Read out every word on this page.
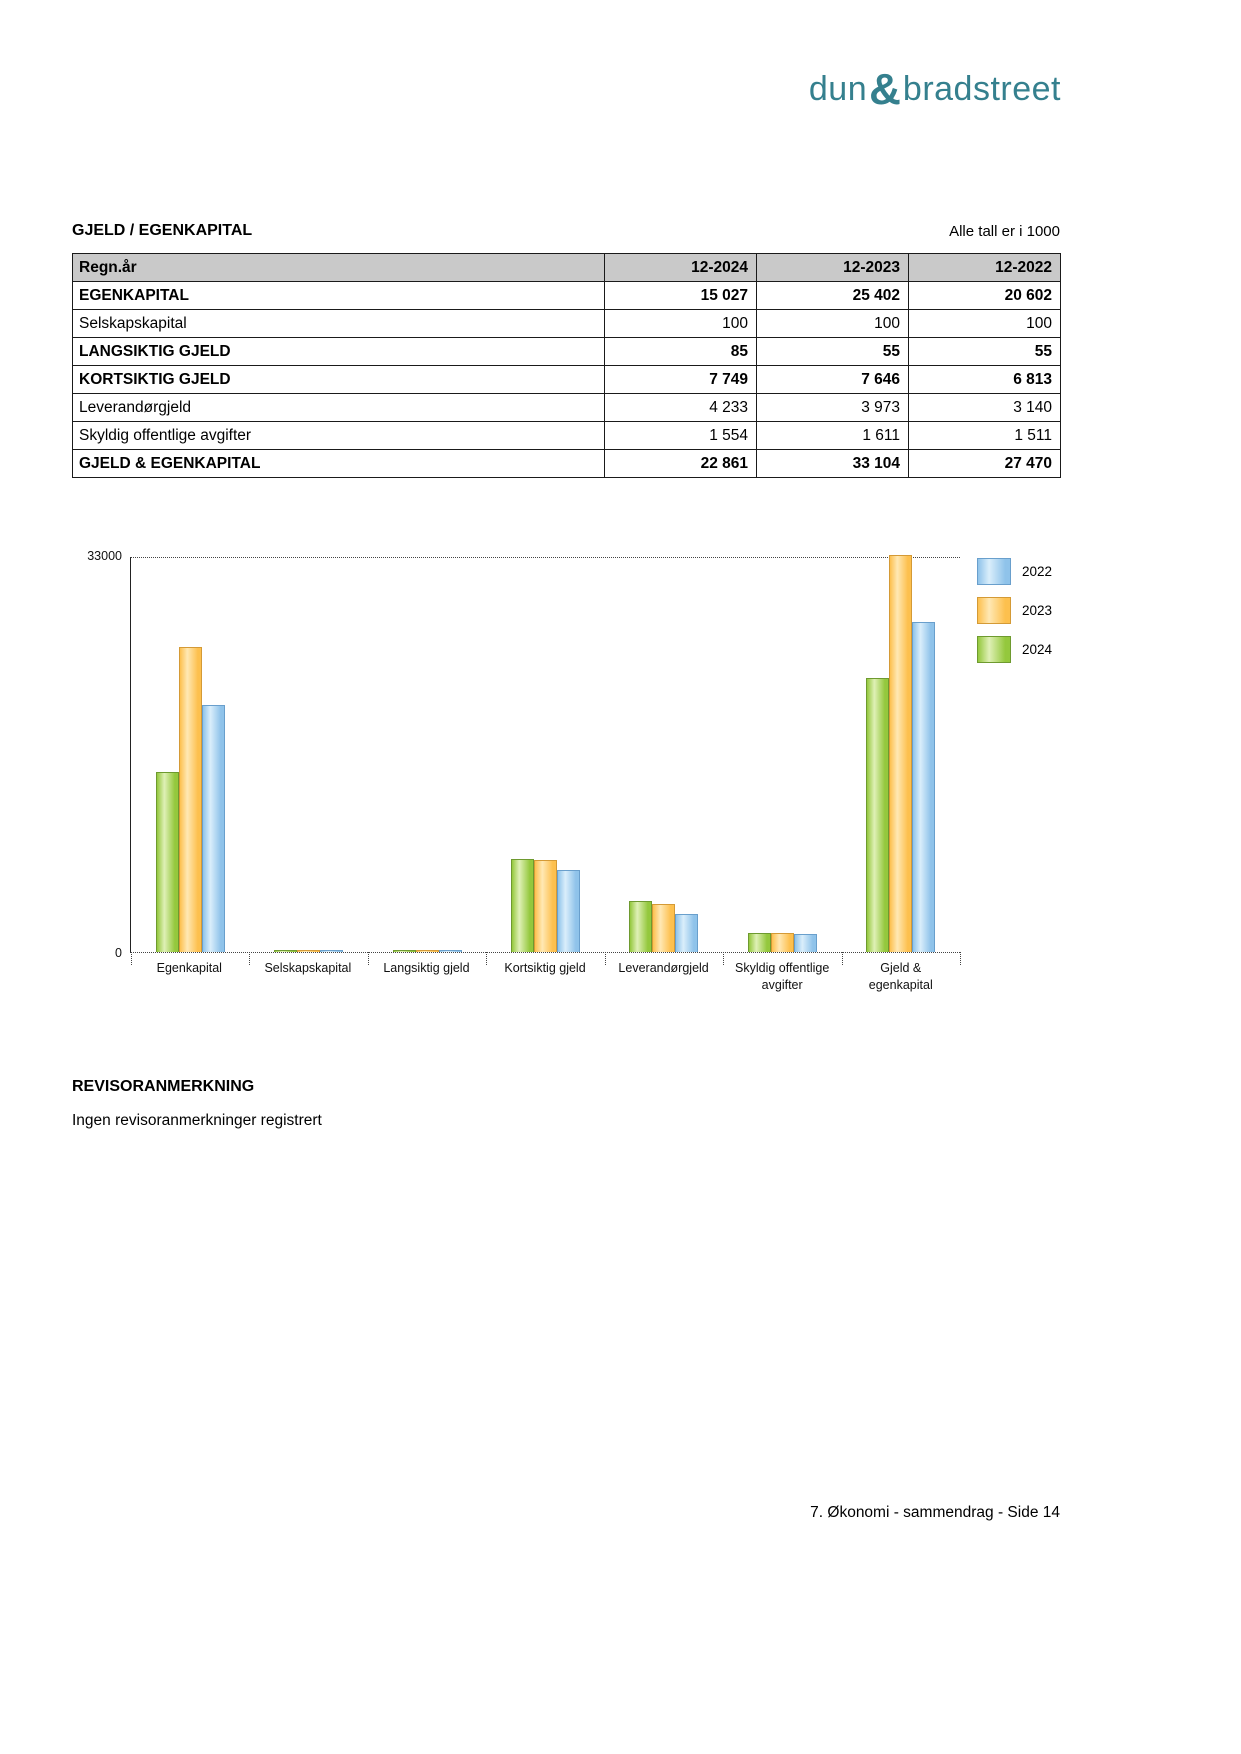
dun & bradstreet
GJELD / EGENKAPITAL	Alle tall er i 1000
Regn.år	12-2024	12-2023	12-2022
EGENKAPITAL	15 027	25 402	20 602
Selskapskapital	100	100	100
LANGSIKTIG GJELD	85	55	55
KORTSIKTIG GJELD	7 749	7 646	6 813
Leverandørgjeld	4 233	3 973	3 140
Skyldig offentlige avgifter	1 554	1 611	1 511
GJELD & EGENKAPITAL	22 861	33 104	27 470
33000
0
Egenkapital	Selskapskapital	Langsiktig gjeld	Kortsiktig gjeld	Leverandørgjeld	Skyldig offentlige
avgifter
Gjeld &
egenkapital
2022
2023
2024
REVISORANMERKNING
Ingen revisoranmerkninger registrert
7. Økonomi - sammendrag - Side 14
